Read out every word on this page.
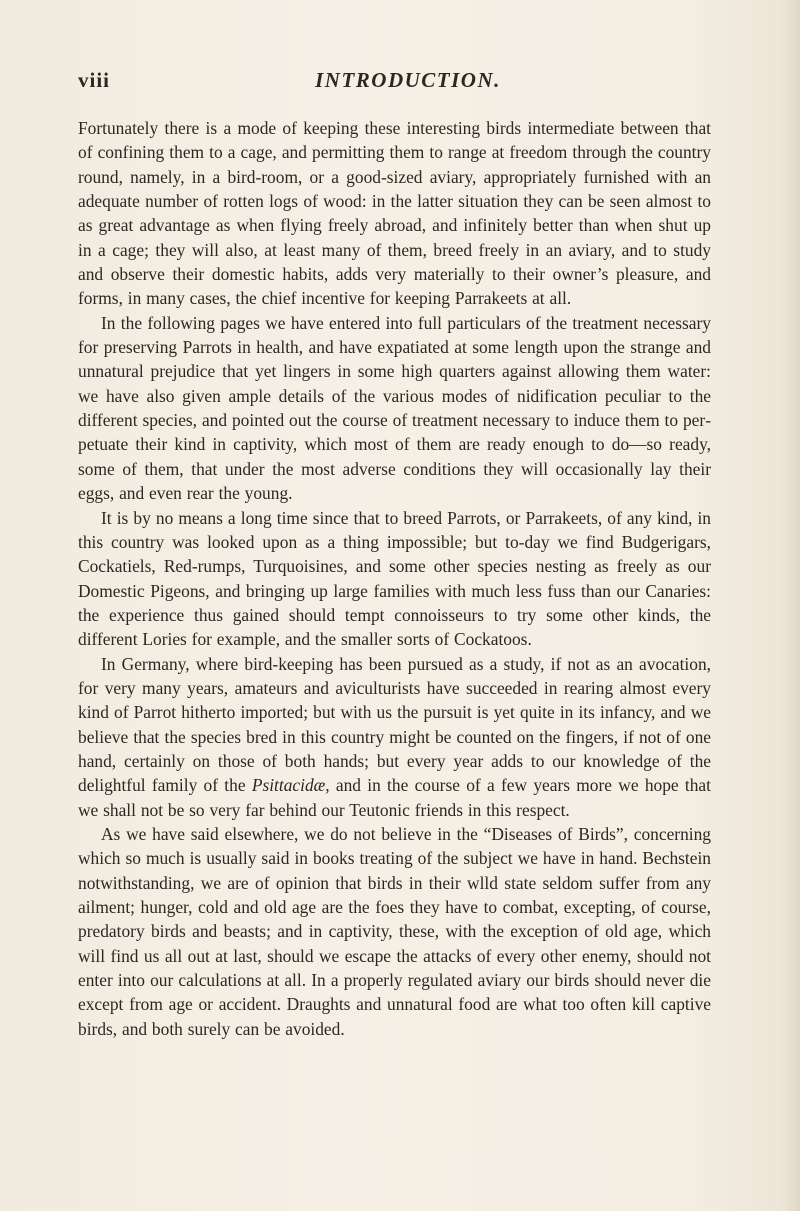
viii	INTRODUCTION.

Fortunately there is a mode of keeping these interesting birds intermediate between that of confining them to a cage, and permitting them to range at freedom through the country round, namely, in a bird-room, or a good-sized aviary, appropriately furnished with an adequate number of rotten logs of wood: in the latter situation they can be seen almost to as great advantage as when flying freely abroad, and infinitely better than when shut up in a cage; they will also, at least many of them, breed freely in an aviary, and to study and observe their domestic habits, adds very materially to their owner’s pleasure, and forms, in many cases, the chief incentive for keeping Parrakeets at all.

In the following pages we have entered into full particulars of the treatment necessary for preserving Parrots in health, and have expatiated at some length upon the strange and unnatural prejudice that yet lingers in some high quarters against allowing them water: we have also given ample details of the various modes of nidification peculiar to the different species, and pointed out the course of treatment necessary to induce them to perpetuate their kind in captivity, which most of them are ready enough to do—so ready, some of them, that under the most adverse conditions they will occasionally lay their eggs, and even rear the young.

It is by no means a long time since that to breed Parrots, or Parrakeets, of any kind, in this country was looked upon as a thing impossible; but to-day we find Budgerigars, Cockatiels, Red-rumps, Turquoisines, and some other species nesting as freely as our Domestic Pigeons, and bringing up large families with much less fuss than our Canaries: the experience thus gained should tempt connoisseurs to try some other kinds, the different Lories for example, and the smaller sorts of Cockatoos.

In Germany, where bird-keeping has been pursued as a study, if not as an avocation, for very many years, amateurs and aviculturists have succeeded in rearing almost every kind of Parrot hitherto imported; but with us the pursuit is yet quite in its infancy, and we believe that the species bred in this country might be counted on the fingers, if not of one hand, certainly on those of both hands; but every year adds to our knowledge of the delightful family of the Psittacidæ, and in the course of a few years more we hope that we shall not be so very far behind our Teutonic friends in this respect.

As we have said elsewhere, we do not believe in the “Diseases of Birds”, concerning which so much is usually said in books treating of the subject we have in hand. Bechstein notwithstanding, we are of opinion that birds in their wlld state seldom suffer from any ailment; hunger, cold and old age are the foes they have to combat, excepting, of course, predatory birds and beasts; and in captivity, these, with the exception of old age, which will find us all out at last, should we escape the attacks of every other enemy, should not enter into our calculations at all. In a properly regulated aviary our birds should never die except from age or accident. Draughts and unnatural food are what too often kill captive birds, and both surely can be avoided.
